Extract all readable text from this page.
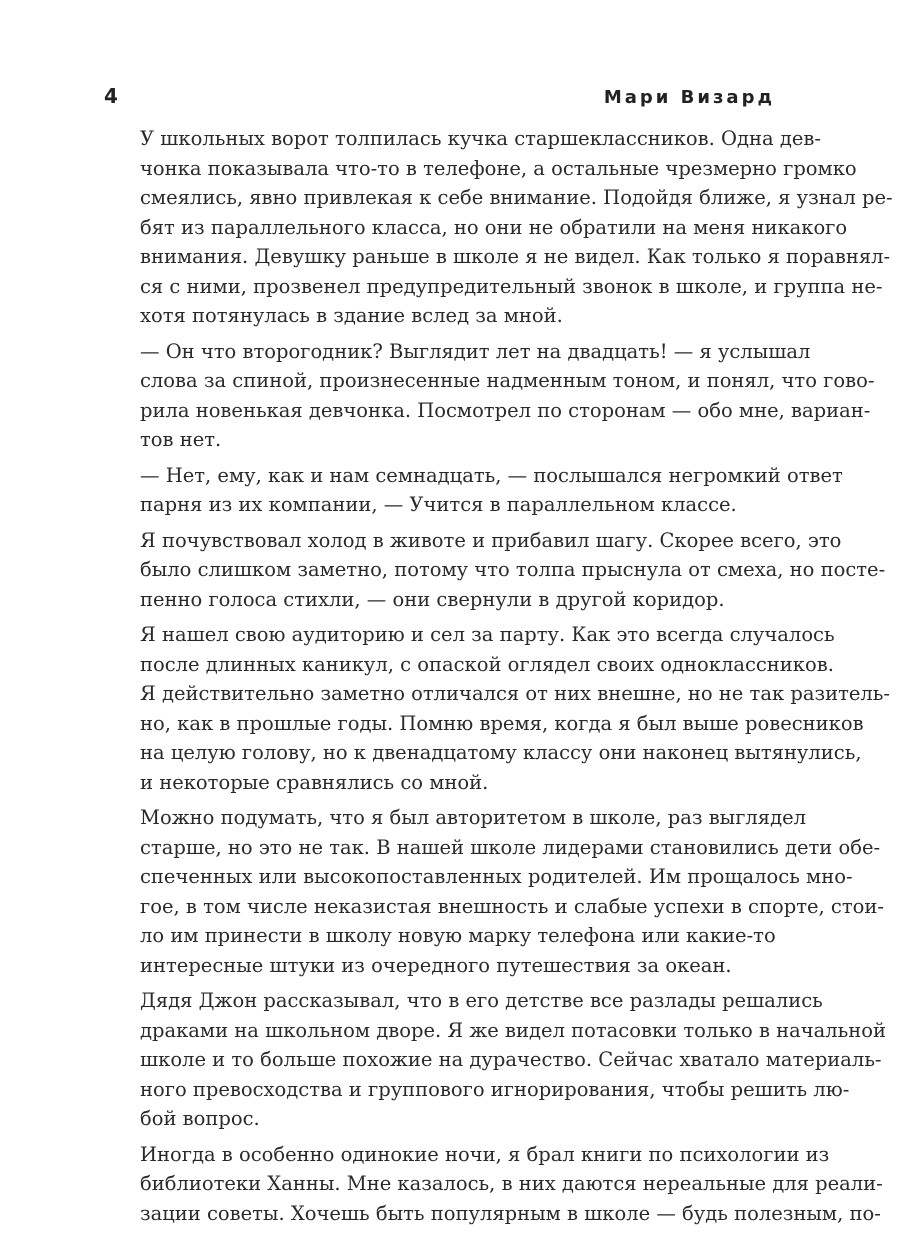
4	Мари Визард

У школьных ворот толпилась кучка старшеклассников. Одна дев-
чонка показывала что-то в телефоне, а остальные чрезмерно громко
смеялись, явно привлекая к себе внимание. Подойдя ближе, я узнал ре-
бят из параллельного класса, но они не обратили на меня никакого
внимания. Девушку раньше в школе я не видел. Как только я поравнял-
ся с ними, прозвенел предупредительный звонок в школе, и группа не-
хотя потянулась в здание вслед за мной.

— Он что второгодник? Выглядит лет на двадцать! — я услышал
слова за спиной, произнесенные надменным тоном, и понял, что гово-
рила новенькая девчонка. Посмотрел по сторонам — обо мне, вариан-
тов нет.

— Нет, ему, как и нам семнадцать, — послышался негромкий ответ
парня из их компании, — Учится в параллельном классе.

Я почувствовал холод в животе и прибавил шагу. Скорее всего, это
было слишком заметно, потому что толпа прыснула от смеха, но посте-
пенно голоса стихли, — они свернули в другой коридор.

Я нашел свою аудиторию и сел за парту. Как это всегда случалось
после длинных каникул, с опаской оглядел своих одноклассников.
Я действительно заметно отличался от них внешне, но не так разитель-
но, как в прошлые годы. Помню время, когда я был выше ровесников
на целую голову, но к двенадцатому классу они наконец вытянулись,
и некоторые сравнялись со мной.

Можно подумать, что я был авторитетом в школе, раз выглядел
старше, но это не так. В нашей школе лидерами становились дети обе-
спеченных или высокопоставленных родителей. Им прощалось мно-
гое, в том числе неказистая внешность и слабые успехи в спорте, стои-
ло им принести в школу новую марку телефона или какие-то
интересные штуки из очередного путешествия за океан.

Дядя Джон рассказывал, что в его детстве все разлады решались
драками на школьном дворе. Я же видел потасовки только в начальной
школе и то больше похожие на дурачество. Сейчас хватало материаль-
ного превосходства и группового игнорирования, чтобы решить лю-
бой вопрос.

Иногда в особенно одинокие ночи, я брал книги по психологии из
библиотеки Ханны. Мне казалось, в них даются нереальные для реали-
зации советы. Хочешь быть популярным в школе — будь полезным, по-
